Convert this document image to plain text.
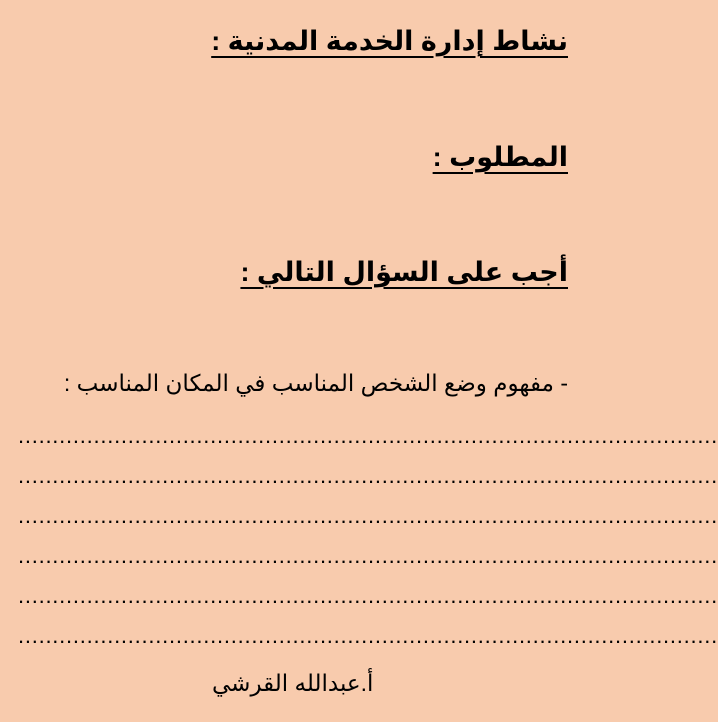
نشاط إدارة الخدمة المدنية :
المطلوب :
أجب على السؤال التالي :
- مفهوم وضع الشخص المناسب في المكان المناسب :
......................................................................................................
......................................................................................................
......................................................................................................
......................................................................................................
......................................................................................................
......................................................................................................
أ.عبدالله القرشي
